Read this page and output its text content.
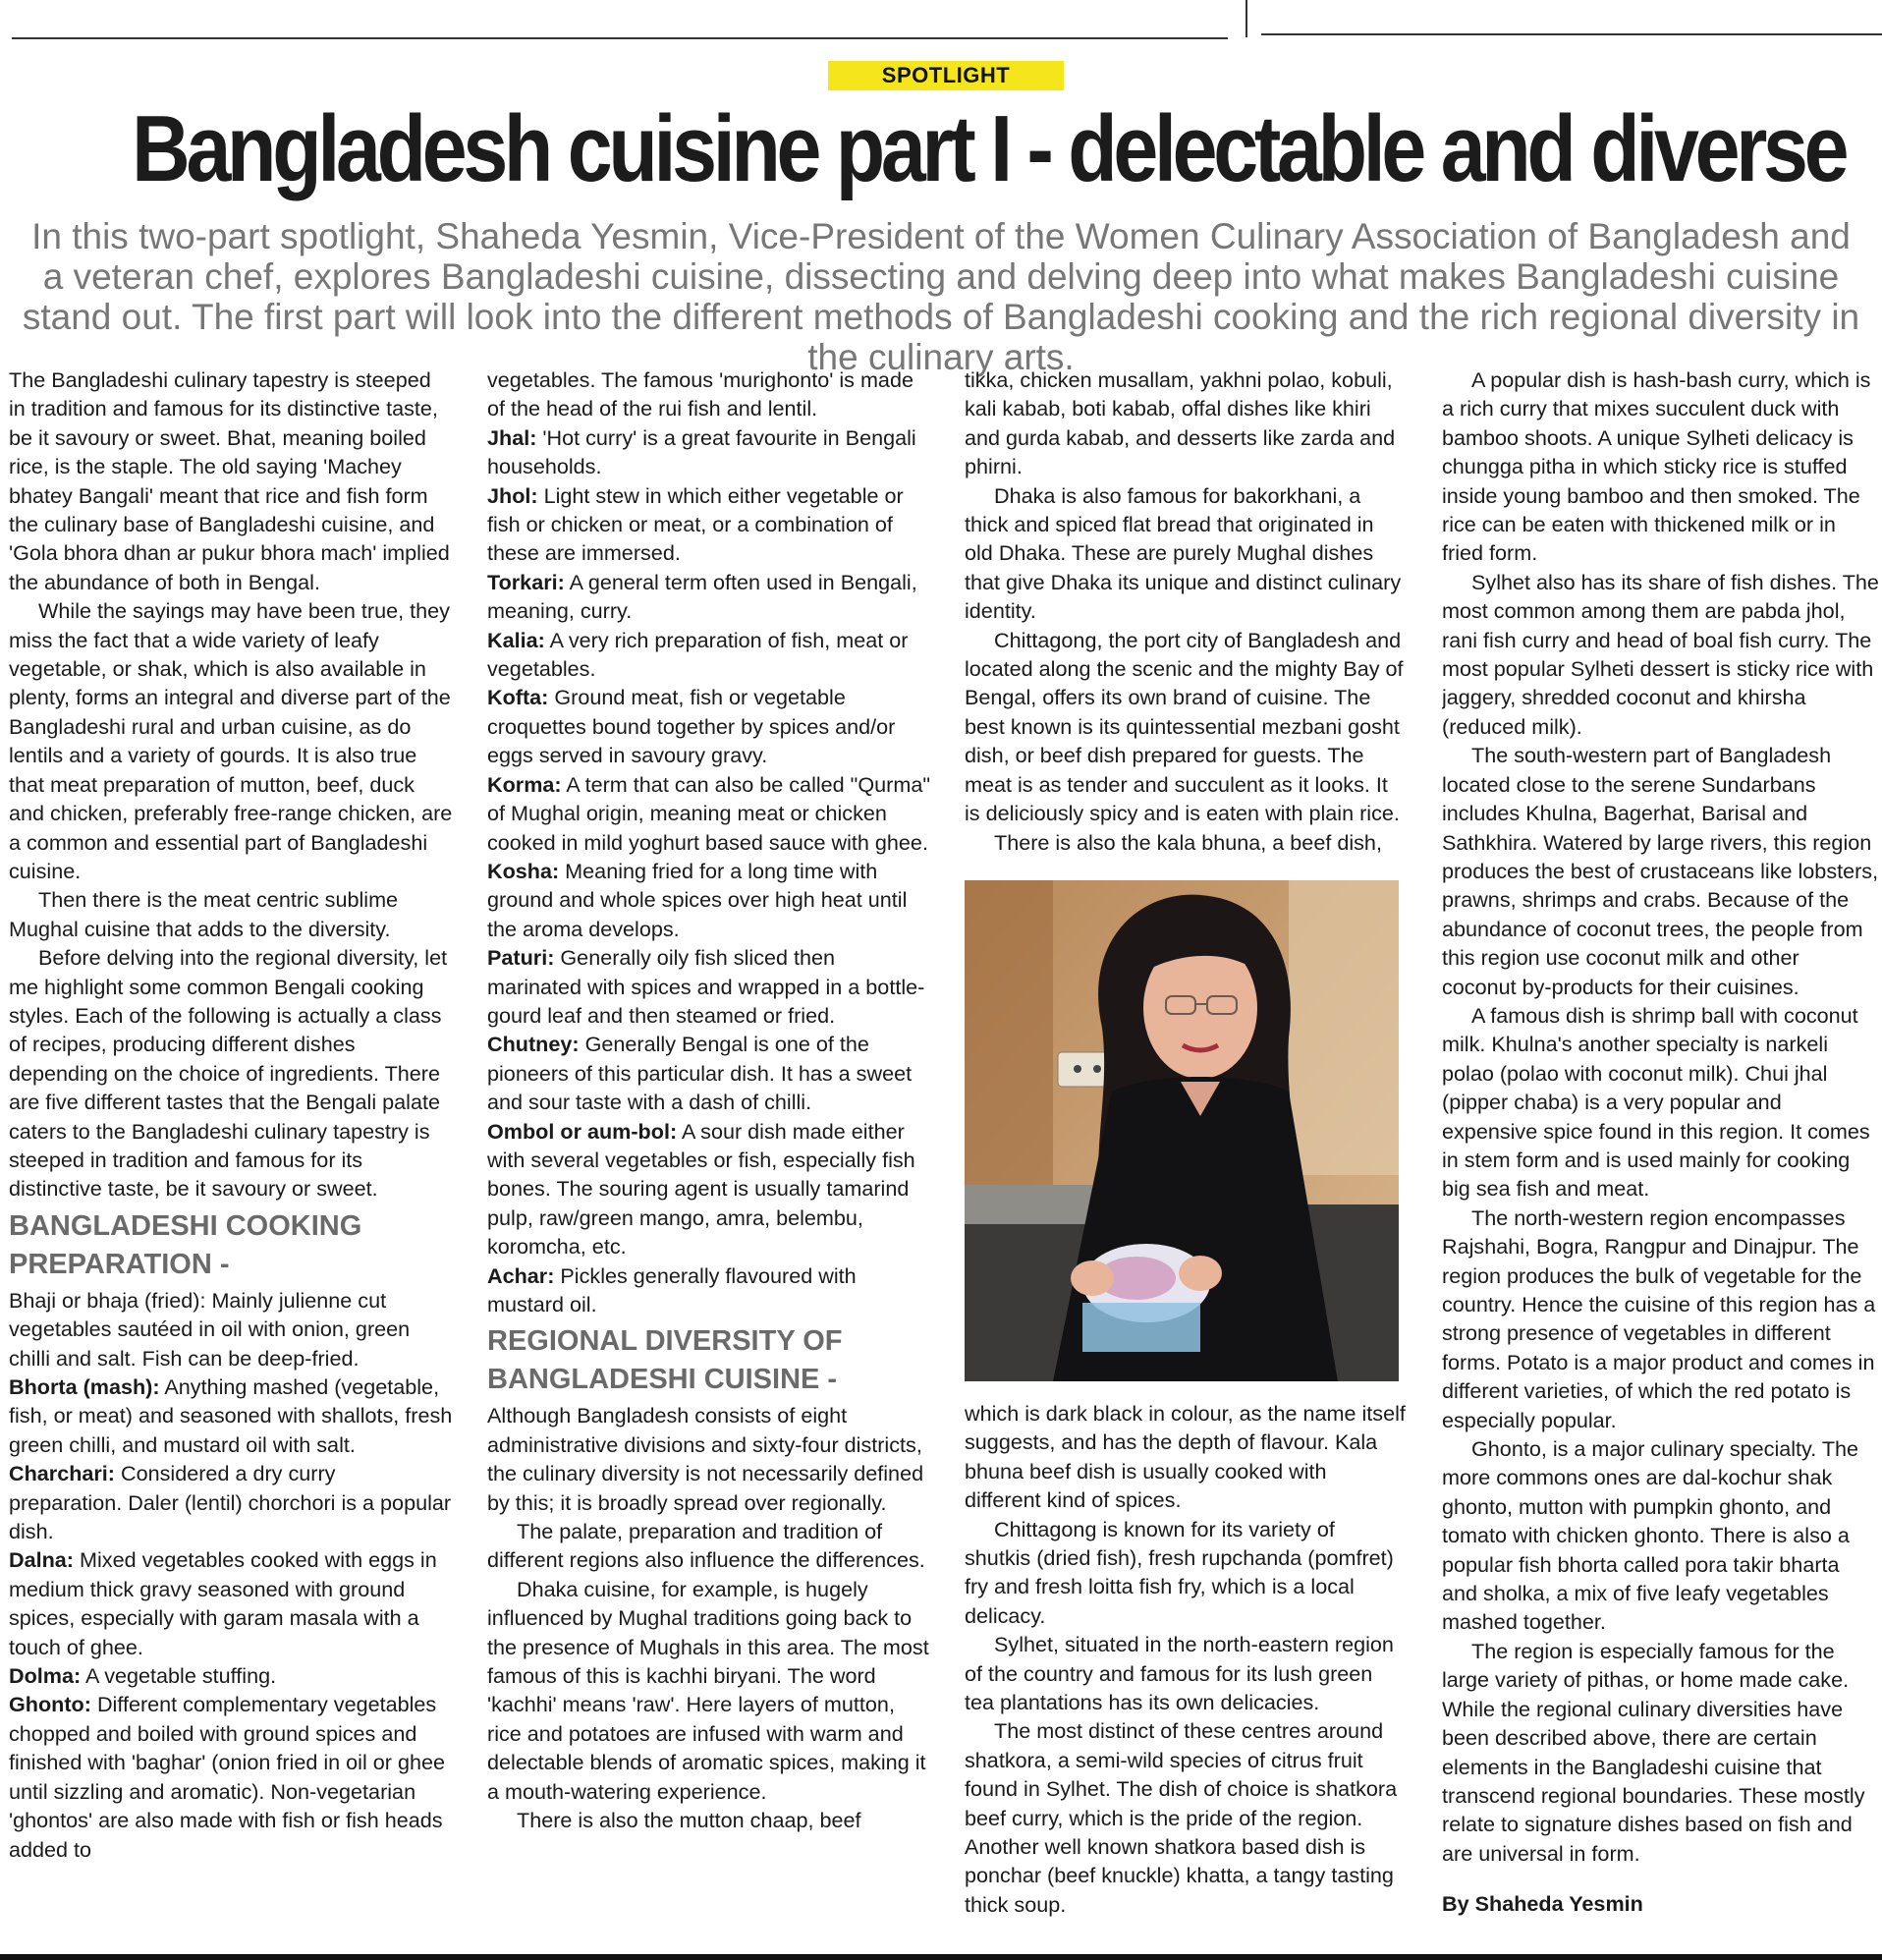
SPOTLIGHT
Bangladesh cuisine part I - delectable and diverse
In this two-part spotlight, Shaheda Yesmin, Vice-President of the Women Culinary Association of Bangladesh and a veteran chef, explores Bangladeshi cuisine, dissecting and delving deep into what makes Bangladeshi cuisine stand out. The first part will look into the different methods of Bangladeshi cooking and the rich regional diversity in the culinary arts.

The Bangladeshi culinary tapestry is steeped in tradition and famous for its distinctive taste, be it savoury or sweet. Bhat, meaning boiled rice, is the staple. The old saying 'Machey bhatey Bangali' meant that rice and fish form the culinary base of Bangladeshi cuisine, and 'Gola bhora dhan ar pukur bhora mach' implied the abundance of both in Bengal.

While the sayings may have been true, they miss the fact that a wide variety of leafy vegetable, or shak, which is also available in plenty, forms an integral and diverse part of the Bangladeshi rural and urban cuisine, as do lentils and a variety of gourds. It is also true that meat preparation of mutton, beef, duck and chicken, preferably free-range chicken, are a common and essential part of Bangladeshi cuisine.

Then there is the meat centric sublime Mughal cuisine that adds to the diversity.

Before delving into the regional diversity, let me highlight some common Bengali cooking styles. Each of the following is actually a class of recipes, producing different dishes depending on the choice of ingredients. There are five different tastes that the Bengali palate caters to the Bangladeshi culinary tapestry is steeped in tradition and famous for its distinctive taste, be it savoury or sweet.

BANGLADESHI COOKING PREPARATION -

Bhaji or bhaja (fried): Mainly julienne cut vegetables sautéed in oil with onion, green chilli and salt. Fish can be deep-fried.

Bhorta (mash): Anything mashed (vegetable, fish, or meat) and seasoned with shallots, fresh green chilli, and mustard oil with salt.

Charchari: Considered a dry curry preparation. Daler (lentil) chorchori is a popular dish.

Dalna: Mixed vegetables cooked with eggs in medium thick gravy seasoned with ground spices, especially with garam masala with a touch of ghee.

Dolma: A vegetable stuffing.

Ghonto: Different complementary vegetables chopped and boiled with ground spices and finished with 'baghar' (onion fried in oil or ghee until sizzling and aromatic). Non-vegetarian 'ghontos' are also made with fish or fish heads added to

vegetables. The famous 'murighonto' is made of the head of the rui fish and lentil.

Jhal: 'Hot curry' is a great favourite in Bengali households.

Jhol: Light stew in which either vegetable or fish or chicken or meat, or a combination of these are immersed.

Torkari: A general term often used in Bengali, meaning, curry.

Kalia: A very rich preparation of fish, meat or vegetables.

Kofta: Ground meat, fish or vegetable croquettes bound together by spices and/or eggs served in savoury gravy.

Korma: A term that can also be called "Qurma" of Mughal origin, meaning meat or chicken cooked in mild yoghurt based sauce with ghee.

Kosha: Meaning fried for a long time with ground and whole spices over high heat until the aroma develops.

Paturi: Generally oily fish sliced then marinated with spices and wrapped in a bottle-gourd leaf and then steamed or fried.

Chutney: Generally Bengal is one of the pioneers of this particular dish. It has a sweet and sour taste with a dash of chilli.

Ombol or aum-bol: A sour dish made either with several vegetables or fish, especially fish bones. The souring agent is usually tamarind pulp, raw/green mango, amra, belembu, koromcha, etc.

Achar: Pickles generally flavoured with mustard oil.

REGIONAL DIVERSITY OF BANGLADESHI CUISINE -

Although Bangladesh consists of eight administrative divisions and sixty-four districts, the culinary diversity is not necessarily defined by this; it is broadly spread over regionally.

The palate, preparation and tradition of different regions also influence the differences.

Dhaka cuisine, for example, is hugely influenced by Mughal traditions going back to the presence of Mughals in this area. The most famous of this is kachhi biryani. The word 'kachhi' means 'raw'. Here layers of mutton, rice and potatoes are infused with warm and delectable blends of aromatic spices, making it a mouth-watering experience.

There is also the mutton chaap, beef

tikka, chicken musallam, yakhni polao, kobuli, kali kabab, boti kabab, offal dishes like khiri and gurda kabab, and desserts like zarda and phirni.

Dhaka is also famous for bakorkhani, a thick and spiced flat bread that originated in old Dhaka. These are purely Mughal dishes that give Dhaka its unique and distinct culinary identity.

Chittagong, the port city of Bangladesh and located along the scenic and the mighty Bay of Bengal, offers its own brand of cuisine. The best known is its quintessential mezbani gosht dish, or beef dish prepared for guests. The meat is as tender and succulent as it looks. It is deliciously spicy and is eaten with plain rice.

There is also the kala bhuna, a beef dish,

which is dark black in colour, as the name itself suggests, and has the depth of flavour. Kala bhuna beef dish is usually cooked with different kind of spices.

Chittagong is known for its variety of shutkis (dried fish), fresh rupchanda (pomfret) fry and fresh loitta fish fry, which is a local delicacy.

Sylhet, situated in the north-eastern region of the country and famous for its lush green tea plantations has its own delicacies.

The most distinct of these centres around shatkora, a semi-wild species of citrus fruit found in Sylhet. The dish of choice is shatkora beef curry, which is the pride of the region. Another well known shatkora based dish is ponchar (beef knuckle) khatta, a tangy tasting thick soup.

A popular dish is hash-bash curry, which is a rich curry that mixes succulent duck with bamboo shoots. A unique Sylheti delicacy is chungga pitha in which sticky rice is stuffed inside young bamboo and then smoked. The rice can be eaten with thickened milk or in fried form.

Sylhet also has its share of fish dishes. The most common among them are pabda jhol, rani fish curry and head of boal fish curry. The most popular Sylheti dessert is sticky rice with jaggery, shredded coconut and khirsha (reduced milk).

The south-western part of Bangladesh located close to the serene Sundarbans includes Khulna, Bagerhat, Barisal and Sathkhira. Watered by large rivers, this region produces the best of crustaceans like lobsters, prawns, shrimps and crabs. Because of the abundance of coconut trees, the people from this region use coconut milk and other coconut by-products for their cuisines.

A famous dish is shrimp ball with coconut milk. Khulna's another specialty is narkeli polao (polao with coconut milk). Chui jhal (pipper chaba) is a very popular and expensive spice found in this region. It comes in stem form and is used mainly for cooking big sea fish and meat.

The north-western region encompasses Rajshahi, Bogra, Rangpur and Dinajpur. The region produces the bulk of vegetable for the country. Hence the cuisine of this region has a strong presence of vegetables in different forms. Potato is a major product and comes in different varieties, of which the red potato is especially popular.

Ghonto, is a major culinary specialty. The more commons ones are dal-kochur shak ghonto, mutton with pumpkin ghonto, and tomato with chicken ghonto. There is also a popular fish bhorta called pora takir bharta and sholka, a mix of five leafy vegetables mashed together.

The region is especially famous for the large variety of pithas, or home made cake. While the regional culinary diversities have been described above, there are certain elements in the Bangladeshi cuisine that transcend regional boundaries. These mostly relate to signature dishes based on fish and are universal in form.

By Shaheda Yesmin
